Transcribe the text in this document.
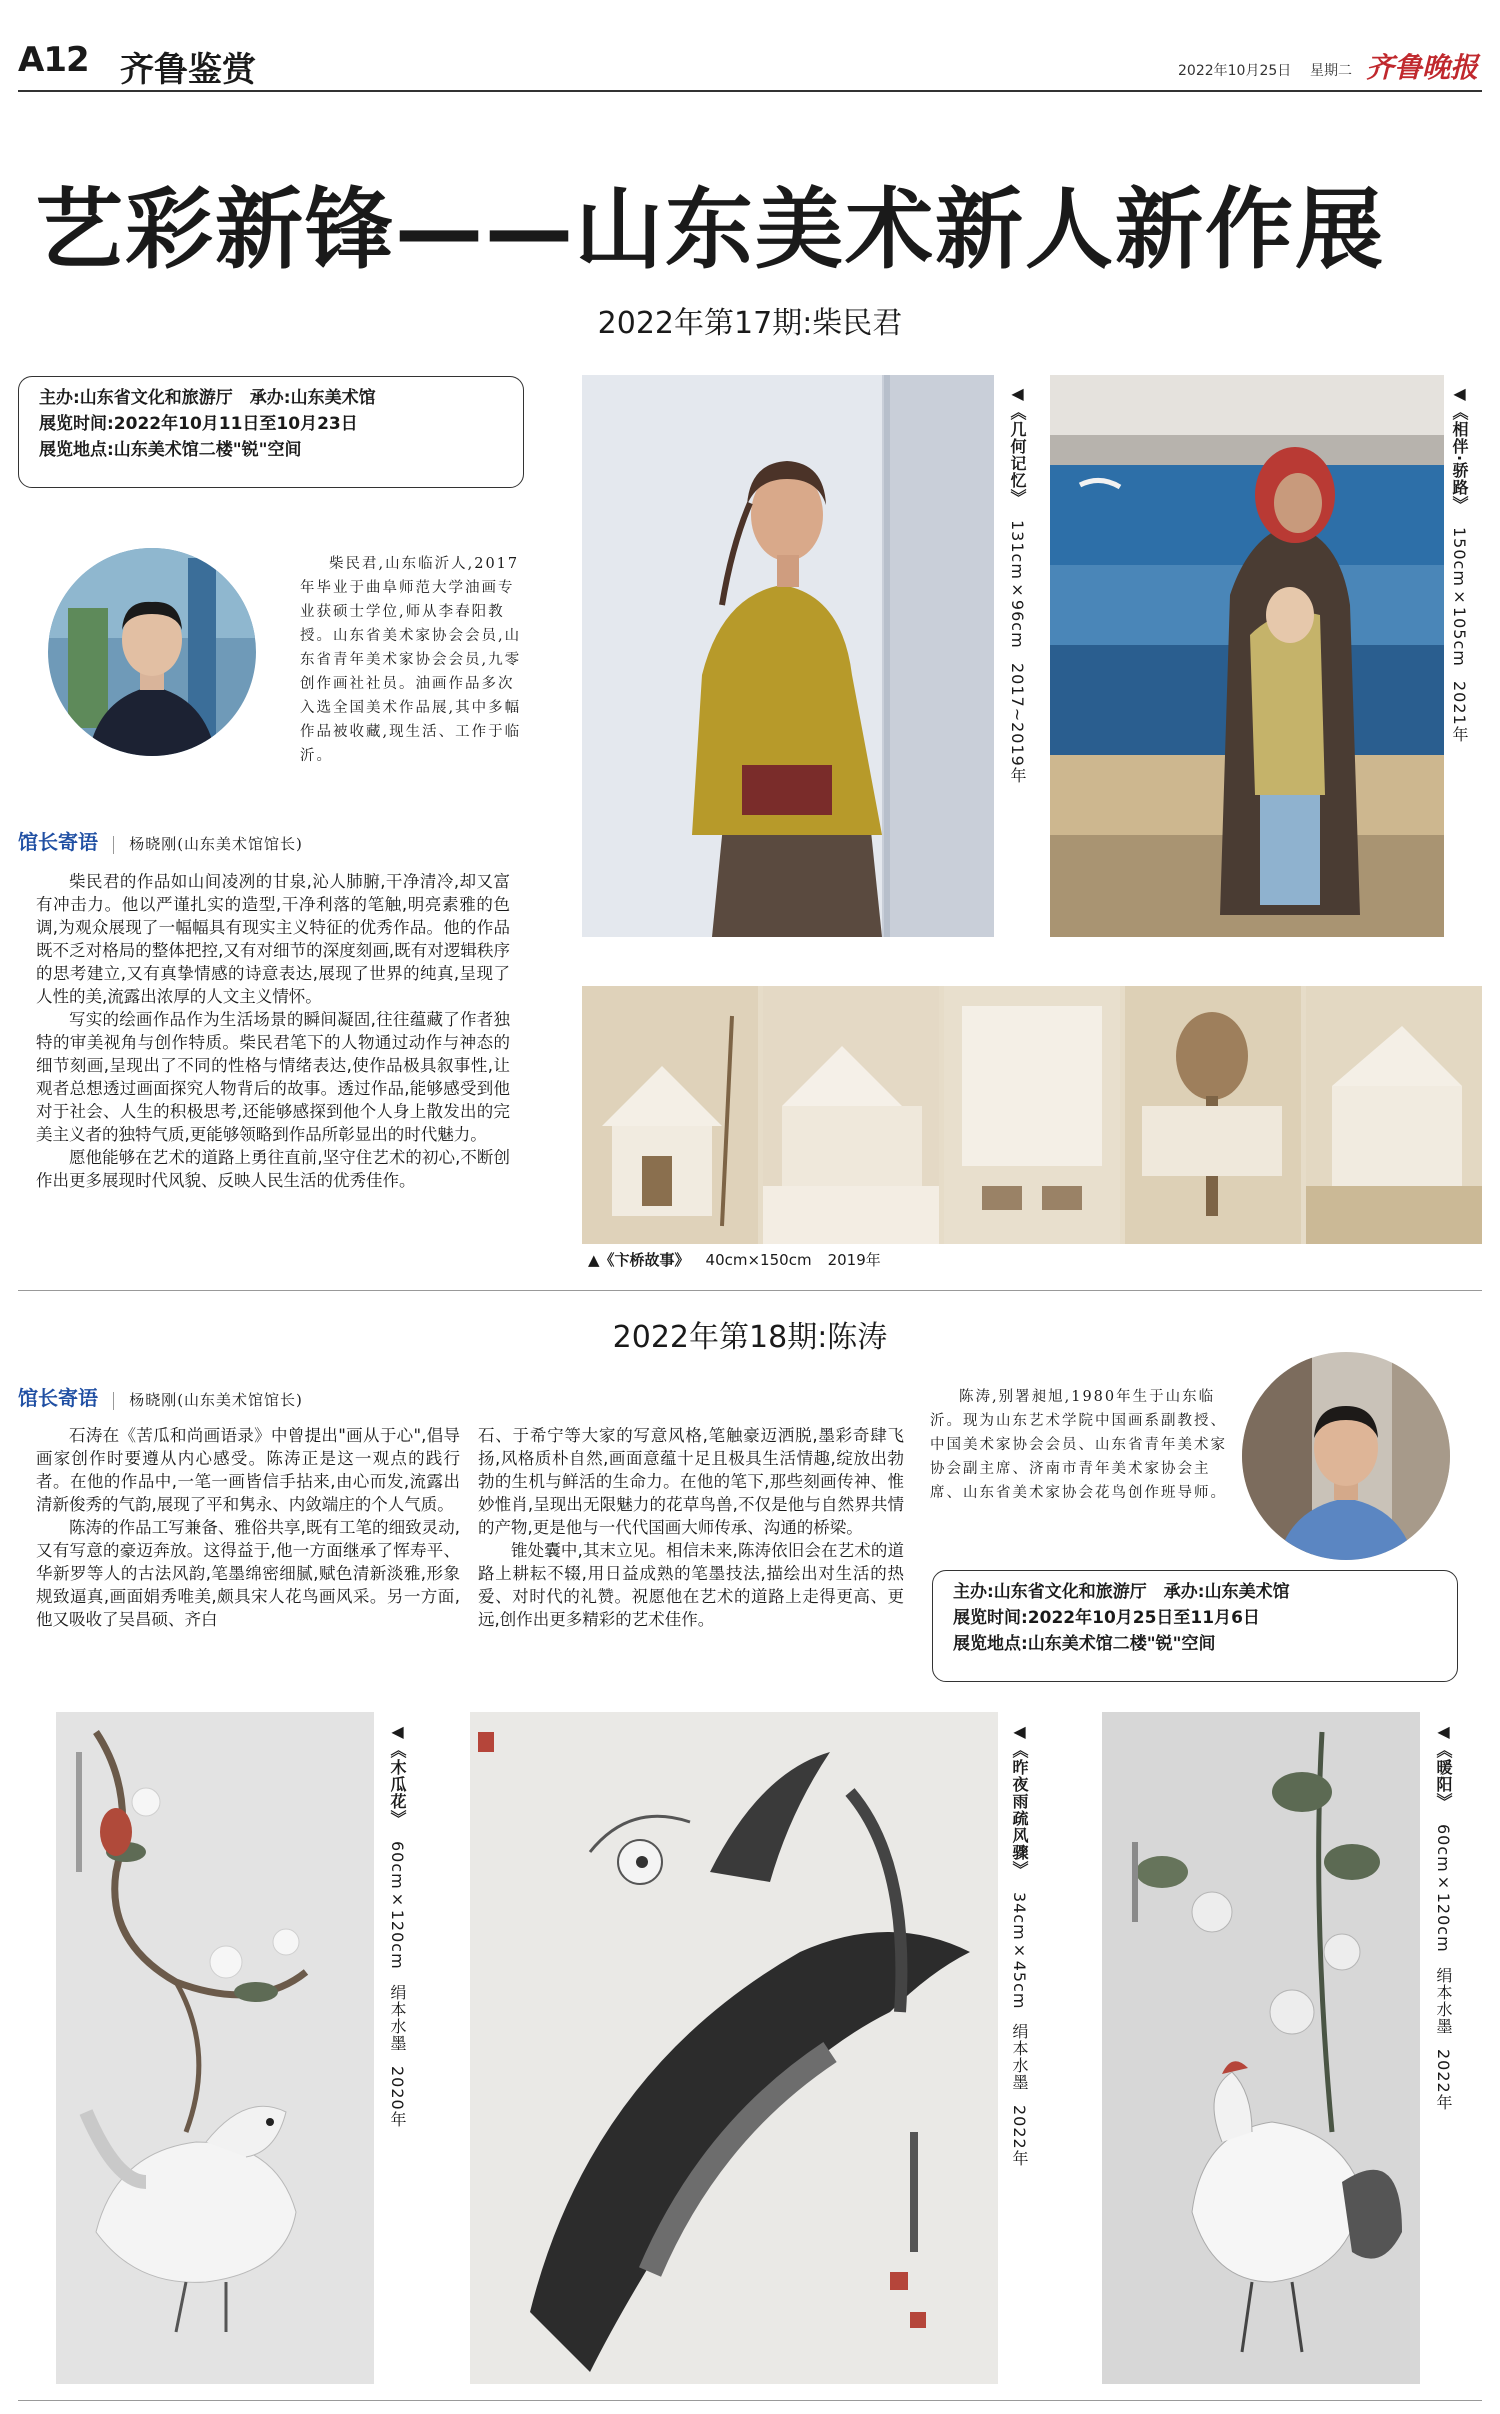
A12 齐鲁鉴赏	2022年10月25日 星期二 齐鲁晚报
艺彩新锋——山东美术新人新作展
2022年第17期:柴民君
主办:山东省文化和旅游厅　承办:山东美术馆
展览时间:2022年10月11日至10月23日
展览地点:山东美术馆二楼"锐"空间
柴民君,山东临沂人,2017年毕业于曲阜师范大学油画专业获硕士学位,师从李春阳教授。山东省美术家协会会员,山东省青年美术家协会会员,九零创作画社社员。油画作品多次入选全国美术作品展,其中多幅作品被收藏,现生活、工作于临沂。
馆长寄语 杨晓刚(山东美术馆馆长)

柴民君的作品如山间凌冽的甘泉,沁人肺腑,干净清冷,却又富有冲击力。他以严谨扎实的造型,干净利落的笔触,明亮素雅的色调,为观众展现了一幅幅具有现实主义特征的优秀作品。他的作品既不乏对格局的整体把控,又有对细节的深度刻画,既有对逻辑秩序的思考建立,又有真挚情感的诗意表达,展现了世界的纯真,呈现了人性的美,流露出浓厚的人文主义情怀。

写实的绘画作品作为生活场景的瞬间凝固,往往蕴藏了作者独特的审美视角与创作特质。柴民君笔下的人物通过动作与神态的细节刻画,呈现出了不同的性格与情绪表达,使作品极具叙事性,让观者总想透过画面探究人物背后的故事。透过作品,能够感受到他对于社会、人生的积极思考,还能够感探到他个人身上散发出的完美主义者的独特气质,更能够领略到作品所彰显出的时代魅力。

愿他能够在艺术的道路上勇往直前,坚守住艺术的初心,不断创作出更多展现时代风貌、反映人民生活的优秀佳作。

◀《几何记忆》131cm×96cm2017~2019年
◀《相伴·骄路》150cm×105cm2021年
▲《卞桥故事》 40cm×150cm 2019年
2022年第18期:陈涛
馆长寄语 杨晓刚(山东美术馆馆长)

石涛在《苦瓜和尚画语录》中曾提出"画从于心",倡导画家创作时要遵从内心感受。陈涛正是这一观点的践行者。在他的作品中,一笔一画皆信手拈来,由心而发,流露出清新俊秀的气韵,展现了平和隽永、内敛端庄的个人气质。

陈涛的作品工写兼备、雅俗共享,既有工笔的细致灵动,又有写意的豪迈奔放。这得益于,他一方面继承了恽寿平、华新罗等人的古法风韵,笔墨绵密细腻,赋色清新淡雅,形象规致逼真,画面娟秀唯美,颇具宋人花鸟画风采。另一方面,他又吸收了吴昌硕、齐白

石、于希宁等大家的写意风格,笔触豪迈洒脱,墨彩奇肆飞扬,风格质朴自然,画面意蕴十足且极具生活情趣,绽放出勃勃的生机与鲜活的生命力。在他的笔下,那些刻画传神、惟妙惟肖,呈现出无限魅力的花草鸟兽,不仅是他与自然界共情的产物,更是他与一代代国画大师传承、沟通的桥梁。

锥处囊中,其末立见。相信未来,陈涛依旧会在艺术的道路上耕耘不辍,用日益成熟的笔墨技法,描绘出对生活的热爱、对时代的礼赞。祝愿他在艺术的道路上走得更高、更远,创作出更多精彩的艺术佳作。

陈涛,别署昶旭,1980年生于山东临沂。现为山东艺术学院中国画系副教授、中国美术家协会会员、山东省青年美术家协会副主席、济南市青年美术家协会主席、山东省美术家协会花鸟创作班导师。
主办:山东省文化和旅游厅　承办:山东美术馆
展览时间:2022年10月25日至11月6日
展览地点:山东美术馆二楼"锐"空间
◀《木瓜花》60cm×120cm绢本水墨2020年
◀《昨夜雨疏风骤》34cm×45cm绢本水墨2022年
◀《暖阳》60cm×120cm绢本水墨2022年
